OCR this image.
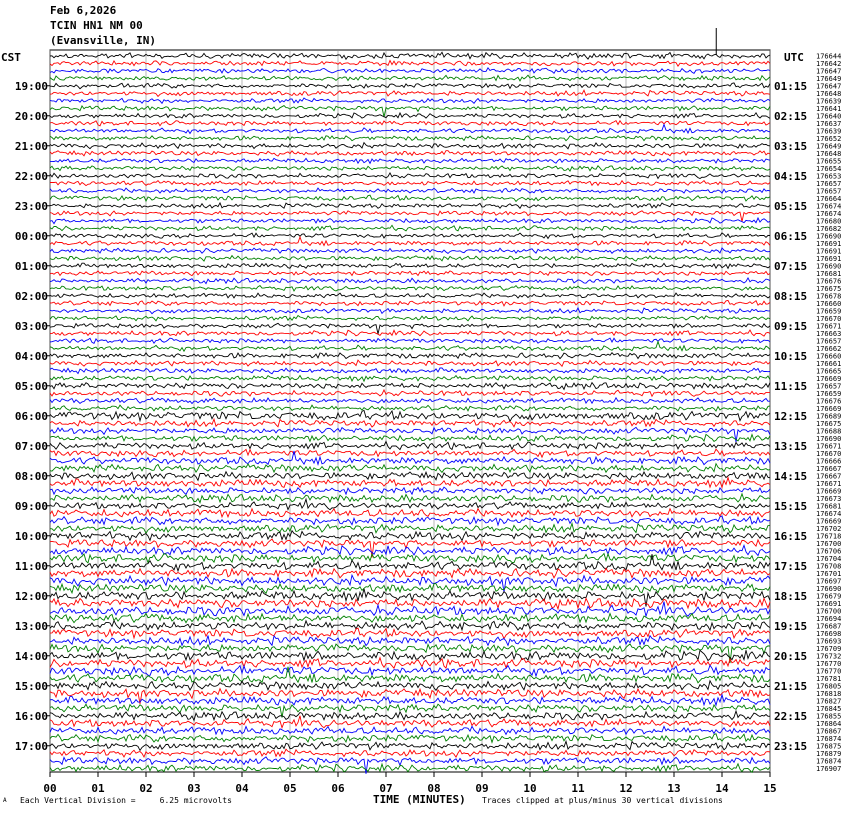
Feb 6,2026
TCIN HN1 NM 00
(Evansville, IN)
CST	UTC 176644
176642
176647
176649
176647
176648
176639
176641
176640
176637
176639
176652
176649
176648
176655
176654
176653
176657
176657
176664
176674
176674
176680
176682
176690
176691
176691
176691
176690
176681
176676
176675
176678
176660
176659
176670
176671
176663
176657
176662
176660
176661
176665
176669
176657
176659
176676
176669
176689
176675
176688
176690
176671
176670
176666
176667
176667
176671
176669
176673
176681
176674
176669
176702
176718
176700
176706
176704
176708
176701
176697
176690
176679
176691
176700
176694
176687
176698
176693
176709
176732
176770
176770
176781
176805
176818
176827
176845
176855
176864
176867
176874
176875
176879
176874
176907
19:00
20:00
21:00
22:00
23:00
00:00
01:00
02:00
03:00
04:00
05:00
06:00
07:00
08:00
09:00
10:00
11:00
12:00
13:00
14:00
15:00
16:00
17:00
01:15
02:15
03:15
04:15
05:15
06:15
07:15
08:15
09:15
10:15
11:15
12:15
13:15
14:15
15:15
16:15
17:15
18:15
19:15
20:15
21:15
22:15
23:15
00	01	02	03	04	05	06	07	08	09	10	11	12	13	14	15
A Each Vertical Division =     6.25 microvolts	TIME (MINUTES) Traces clipped at plus/minus 30 vertical divisions
